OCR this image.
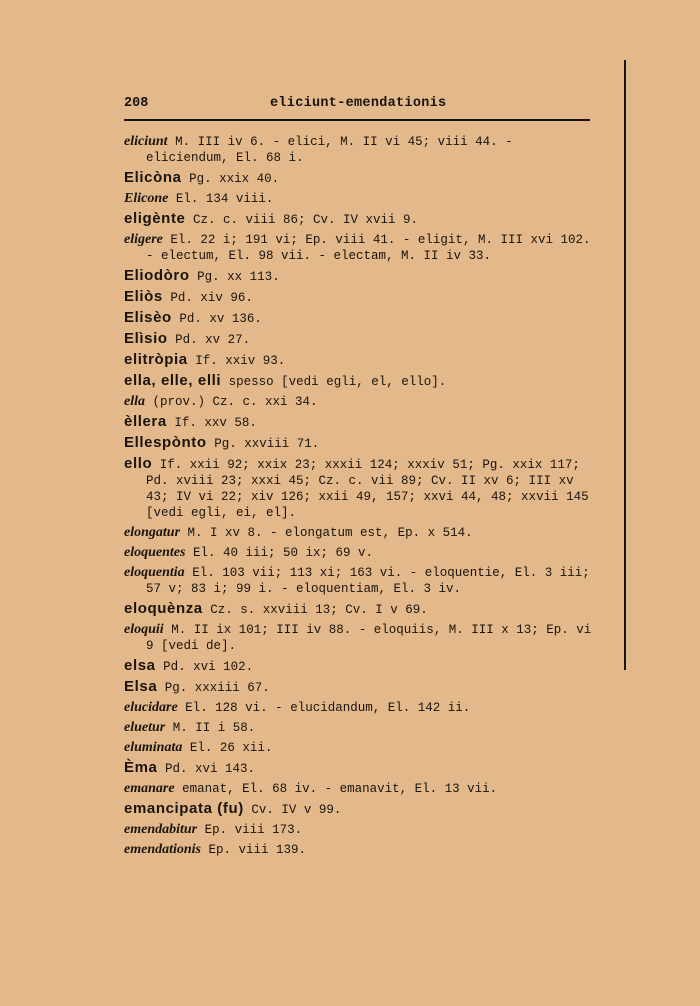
208	eliciunt-emendationis
eliciunt M. III iv 6. - elici, M. II vi 45; viii 44. - eliciendum, El. 68 i.
Elicòna Pg. xxix 40.
Elicone El. 134 viii.
eligènte Cz. c. viii 86; Cv. IV xvii 9.
eligere El. 22 i; 191 vi; Ep. viii 41. - eligit, M. III xvi 102. - electum, El. 98 vii. - electam, M. II iv 33.
Eliodòro Pg. xx 113.
Eliòs Pd. xiv 96.
Elisèo Pd. xv 136.
Elìsio Pd. xv 27.
elitròpia If. xxiv 93.
ella, elle, elli spesso [vedi egli, el, ello].
ella (prov.) Cz. c. xxi 34.
èllera If. xxv 58.
Ellespònto Pg. xxviii 71.
ello If. xxii 92; xxix 23; xxxii 124; xxxiv 51; Pg. xxix 117; Pd. xviii 23; xxxi 45; Cz. c. vii 89; Cv. II xv 6; III xv 43; IV vi 22; xiv 126; xxii 49, 157; xxvi 44, 48; xxvii 145 [vedi egli, ei, el].
elongatur M. I xv 8. - elongatum est, Ep. x 514.
eloquentes El. 40 iii; 50 ix; 69 v.
eloquentia El. 103 vii; 113 xi; 163 vi. - eloquentie, El. 3 iii; 57 v; 83 i; 99 i. - eloquentiam, El. 3 iv.
eloquènza Cz. s. xxviii 13; Cv. I v 69.
eloquii M. II ix 101; III iv 88. - eloquiis, M. III x 13; Ep. vi 9 [vedi de].
elsa Pd. xvi 102.
Elsa Pg. xxxiii 67.
elucidare El. 128 vi. - elucidandum, El. 142 ii.
eluetur M. II i 58.
eluminata El. 26 xii.
Èma Pd. xvi 143.
emanare emanat, El. 68 iv. - emanavit, El. 13 vii.
emancipata (fu) Cv. IV v 99.
emendabitur Ep. viii 173.
emendationis Ep. viii 139.
